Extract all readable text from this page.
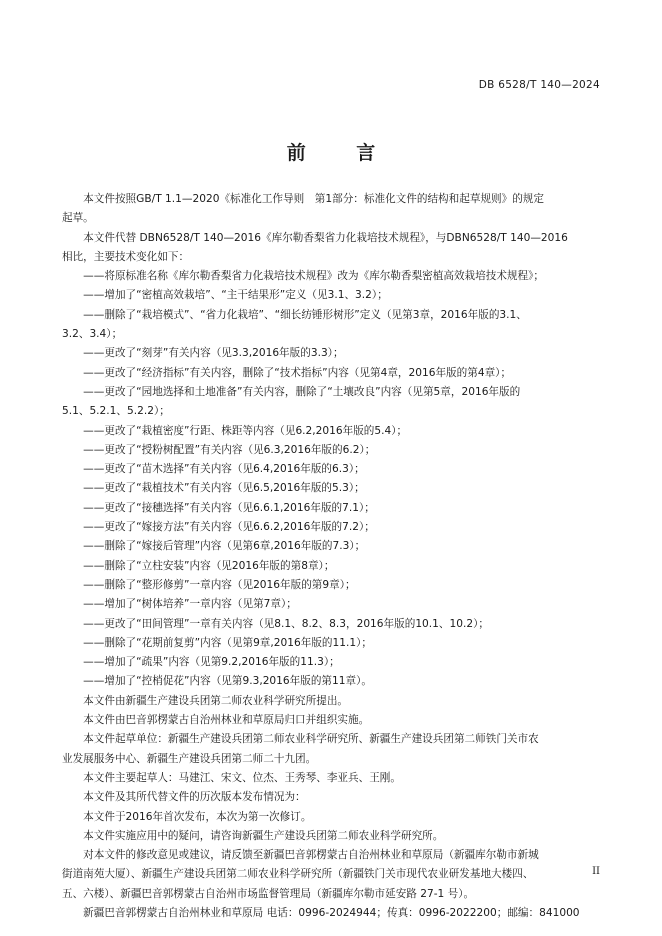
DB 6528/T 140—2024
前 言
　　本文件按照GB/T 1.1—2020《标准化工作导则　第1部分：标准化文件的结构和起草规则》的规定
起草。
　　本文件代替 DBN6528/T 140—2016《库尔勒香梨省力化栽培技术规程》，与DBN6528/T 140—2016
相比，主要技术变化如下：
　　——将原标准名称《库尔勒香梨省力化栽培技术规程》改为《库尔勒香梨密植高效栽培技术规程》；
　　——增加了“密植高效栽培”、“主干结果形”定义（见3.1、3.2）；
　　——删除了“栽培模式”、“省力化栽培”、“细长纺锤形树形”定义（见第3章，2016年版的3.1、
3.2、3.4）；
　　——更改了“刻芽”有关内容（见3.3,2016年版的3.3）；
　　——更改了“经济指标”有关内容，删除了“技术指标”内容（见第4章，2016年版的第4章）；
　　——更改了“园地选择和土地准备”有关内容，删除了“土壤改良”内容（见第5章，2016年版的
5.1、5.2.1、5.2.2）；
　　——更改了“栽植密度”行距、株距等内容（见6.2,2016年版的5.4）；
　　——更改了“授粉树配置”有关内容（见6.3,2016年版的6.2）；
　　——更改了“苗木选择”有关内容（见6.4,2016年版的6.3）；
　　——更改了“栽植技术”有关内容（见6.5,2016年版的5.3）；
　　——更改了“接穗选择”有关内容（见6.6.1,2016年版的7.1）；
　　——更改了“嫁接方法”有关内容（见6.6.2,2016年版的7.2）；
　　——删除了“嫁接后管理”内容（见第6章,2016年版的7.3）；
　　——删除了“立柱安装”内容（见2016年版的第8章）；
　　——删除了“整形修剪”一章内容（见2016年版的第9章）；
　　——增加了“树体培养”一章内容（见第7章）；
　　——更改了“田间管理”一章有关内容（见8.1、8.2、8.3，2016年版的10.1、10.2）；
　　——删除了“花期前复剪”内容（见第9章,2016年版的11.1）；
　　——增加了“疏果”内容（见第9.2,2016年版的11.3）；
　　——增加了“控梢促花”内容（见第9.3,2016年版的第11章）。
　　本文件由新疆生产建设兵团第二师农业科学研究所提出。
　　本文件由巴音郭楞蒙古自治州林业和草原局归口并组织实施。
　　本文件起草单位：新疆生产建设兵团第二师农业科学研究所、新疆生产建设兵团第二师铁门关市农
业发展服务中心、新疆生产建设兵团第二师二十九团。
　　本文件主要起草人：马建江、宋文、位杰、王秀琴、李亚兵、王刚。
　　本文件及其所代替文件的历次版本发布情况为：
　　本文件于2016年首次发布，本次为第一次修订。
　　本文件实施应用中的疑问，请咨询新疆生产建设兵团第二师农业科学研究所。
　　对本文件的修改意见或建议，请反馈至新疆巴音郭楞蒙古自治州林业和草原局（新疆库尔勒市新城
街道南苑大厦）、新疆生产建设兵团第二师农业科学研究所（新疆铁门关市现代农业研发基地大楼四、
五、六楼）、新疆巴音郭楞蒙古自治州市场监督管理局（新疆库尔勒市延安路 27-1 号）。
　　新疆巴音郭楞蒙古自治州林业和草原局 电话：0996-2024944；传真：0996-2022200；邮编：841000
II
